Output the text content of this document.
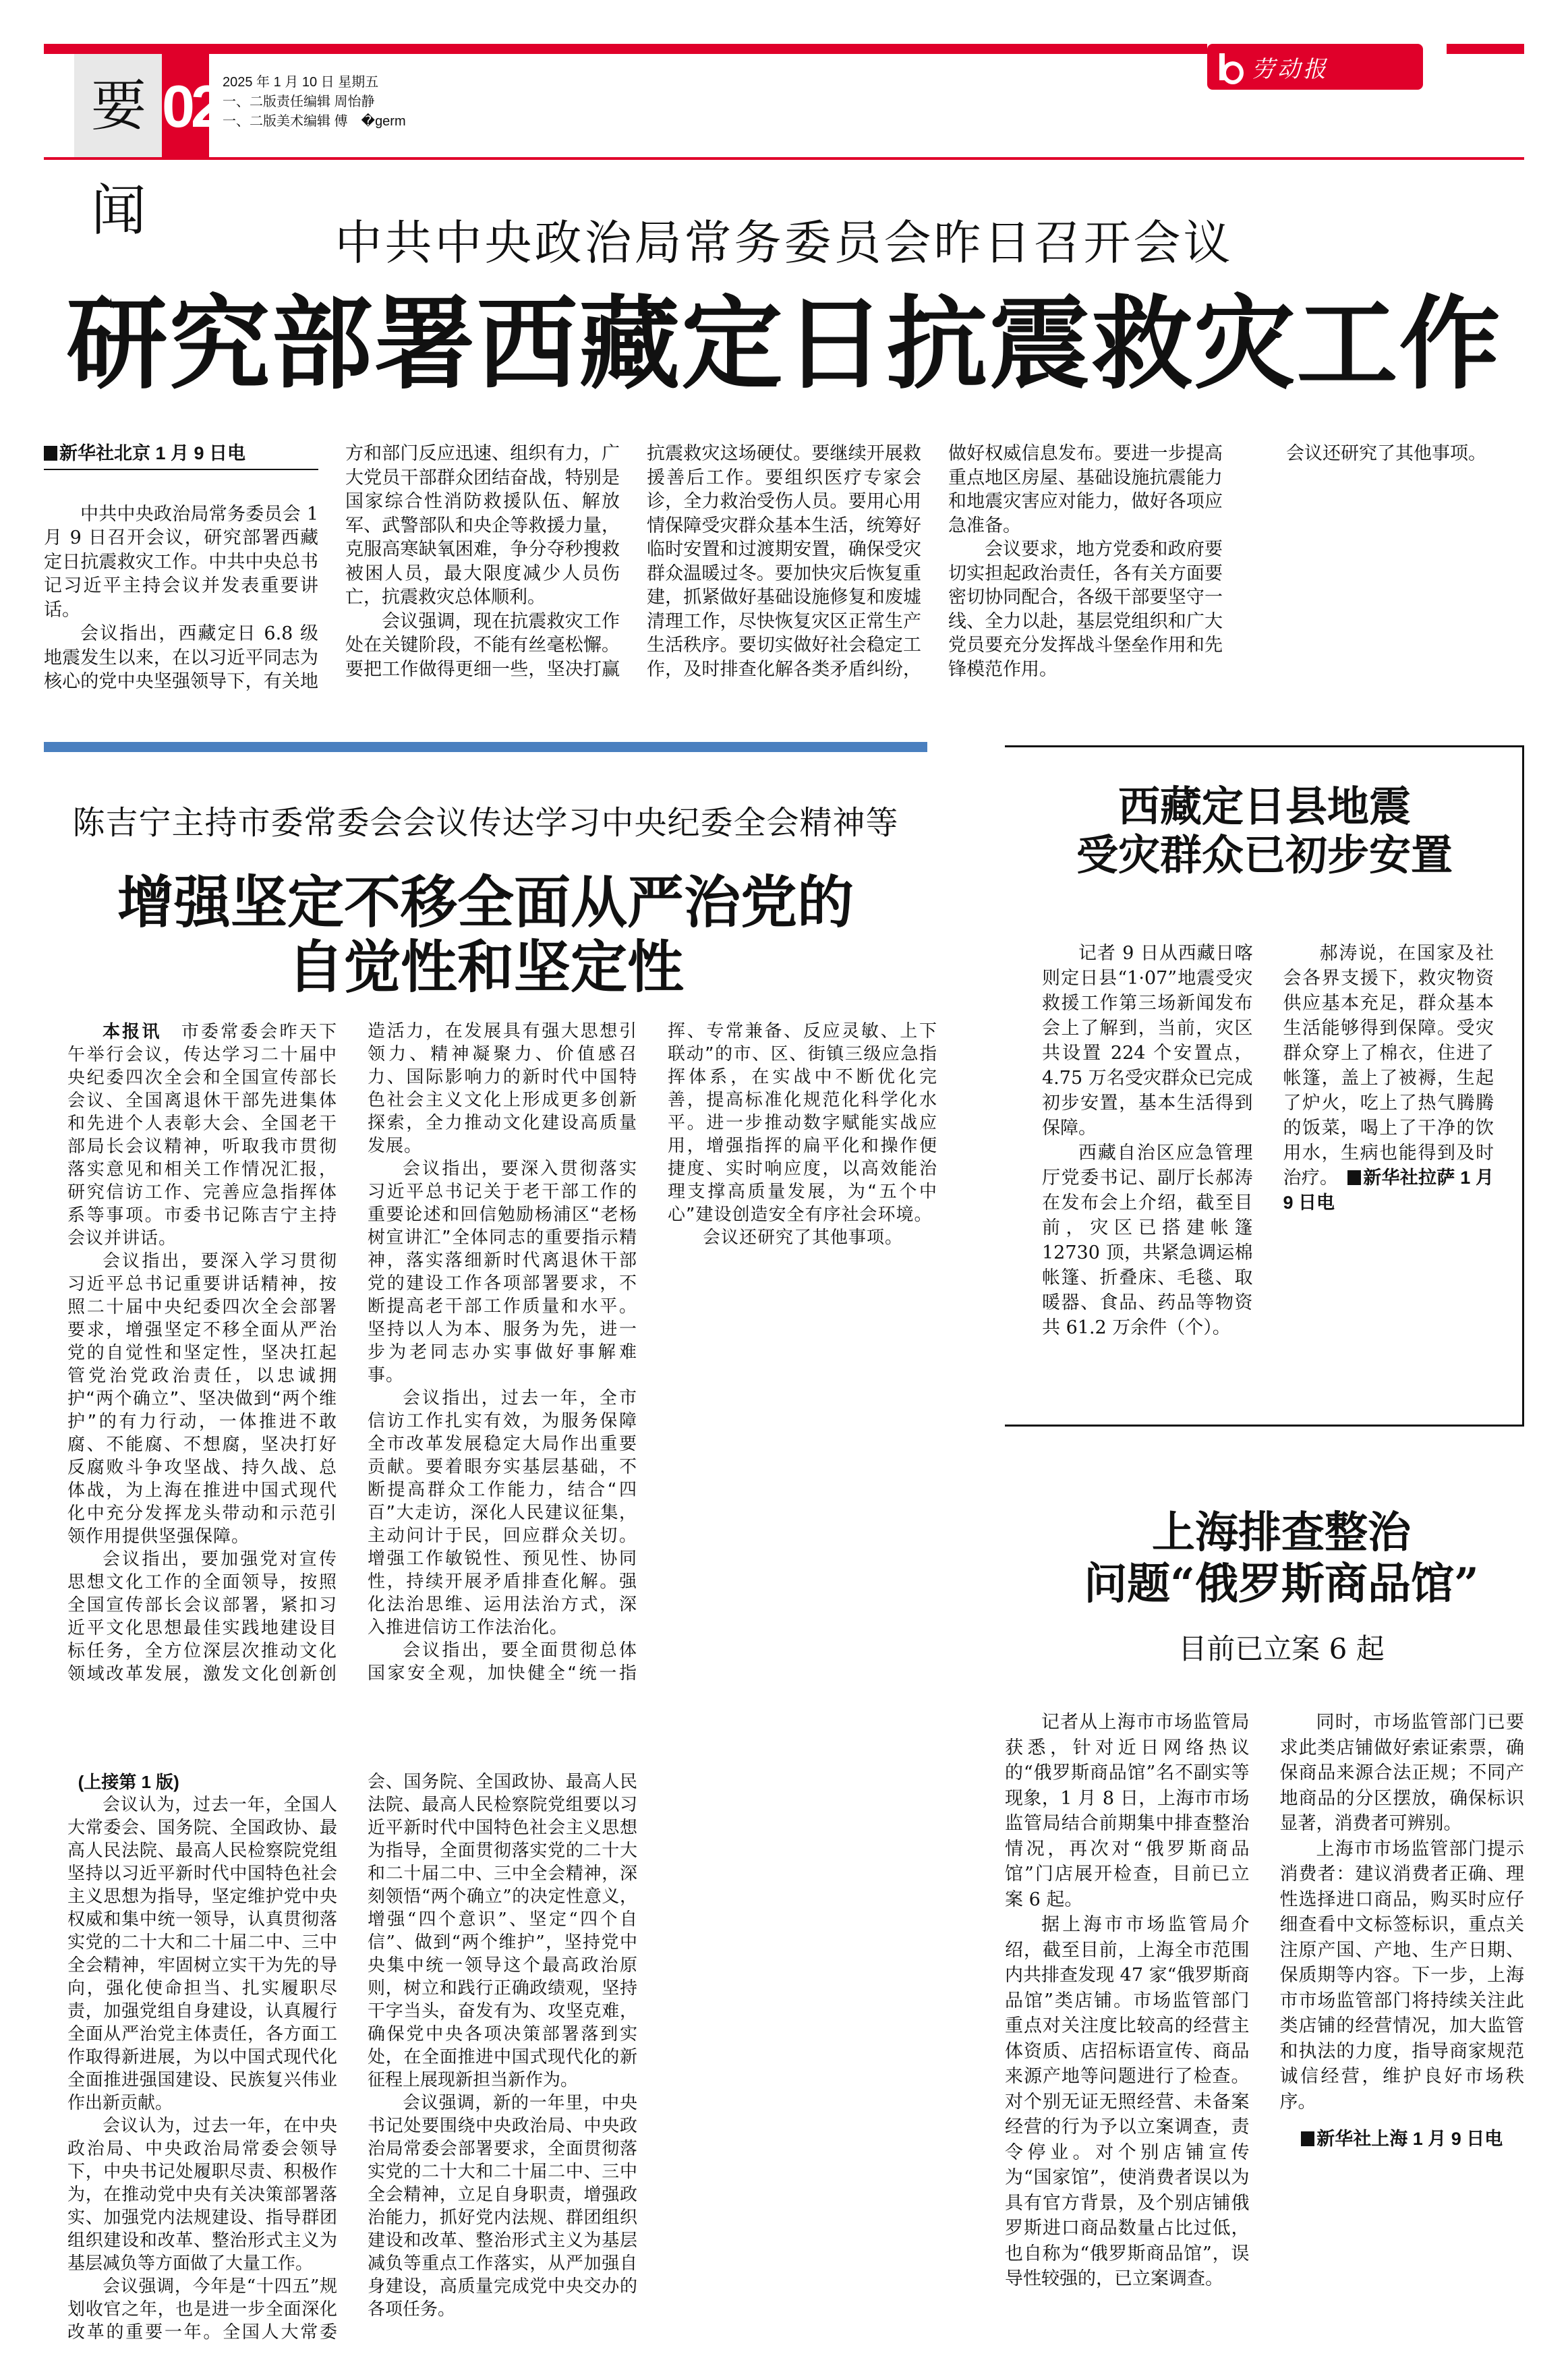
要闻
02 2025 年 1 月 10 日 星期五
一、二版责任编辑 周怡静
一、二版美术编辑 傅　�germ
劳动报
中共中央政治局常务委员会昨日召开会议
研究部署西藏定日抗震救灾工作
新华社北京 1 月 9 日电

中共中央政治局常务委员会 1 月 9 日召开会议，研究部署西藏定日抗震救灾工作。中共中央总书记习近平主持会议并发表重要讲话。

会议指出，西藏定日 6.8 级地震发生以来，在以习近平同志为核心的党中央坚强领导下，有关地方和部门反应迅速、组织有力，广大党员干部群众团结奋战，特别是国家综合性消防救援队伍、解放军、武警部队和央企等救援力量，克服高寒缺氧困难，争分夺秒搜救被困人员，最大限度减少人员伤亡，抗震救灾总体顺利。

会议强调，现在抗震救灾工作处在关键阶段，不能有丝毫松懈。要把工作做得更细一些，坚决打赢抗震救灾这场硬仗。要继续开展救援善后工作。要组织医疗专家会诊，全力救治受伤人员。要用心用情保障受灾群众基本生活，统筹好临时安置和过渡期安置，确保受灾群众温暖过冬。要加快灾后恢复重建，抓紧做好基础设施修复和废墟清理工作，尽快恢复灾区正常生产生活秩序。要切实做好社会稳定工作，及时排查化解各类矛盾纠纷，做好权威信息发布。要进一步提高重点地区房屋、基础设施抗震能力和地震灾害应对能力，做好各项应急准备。

会议要求，地方党委和政府要切实担起政治责任，各有关方面要密切协同配合，各级干部要坚守一线、全力以赴，基层党组织和广大党员要充分发挥战斗堡垒作用和先锋模范作用。

会议还研究了其他事项。

陈吉宁主持市委常委会会议传达学习中央纪委全会精神等
增强坚定不移全面从严治党的
自觉性和坚定性

本报讯　市委常委会昨天下午举行会议，传达学习二十届中央纪委四次全会和全国宣传部长会议、全国离退休干部先进集体和先进个人表彰大会、全国老干部局长会议精神，听取我市贯彻落实意见和相关工作情况汇报，研究信访工作、完善应急指挥体系等事项。市委书记陈吉宁主持会议并讲话。

会议指出，要深入学习贯彻习近平总书记重要讲话精神，按照二十届中央纪委四次全会部署要求，增强坚定不移全面从严治党的自觉性和坚定性，坚决扛起管党治党政治责任，以忠诚拥护“两个确立”、坚决做到“两个维护”的有力行动，一体推进不敢腐、不能腐、不想腐，坚决打好反腐败斗争攻坚战、持久战、总体战，为上海在推进中国式现代化中充分发挥龙头带动和示范引领作用提供坚强保障。

会议指出，要加强党对宣传思想文化工作的全面领导，按照全国宣传部长会议部署，紧扣习近平文化思想最佳实践地建设目标任务，全方位深层次推动文化领域改革发展，激发文化创新创造活力，在发展具有强大思想引领力、精神凝聚力、价值感召力、国际影响力的新时代中国特色社会主义文化上形成更多创新探索，全力推动文化建设高质量发展。

会议指出，要深入贯彻落实习近平总书记关于老干部工作的重要论述和回信勉励杨浦区“老杨树宣讲汇”全体同志的重要指示精神，落实落细新时代离退休干部党的建设工作各项部署要求，不断提高老干部工作质量和水平。坚持以人为本、服务为先，进一步为老同志办实事做好事解难事。

会议指出，过去一年，全市信访工作扎实有效，为服务保障全市改革发展稳定大局作出重要贡献。要着眼夯实基层基础，不断提高群众工作能力，结合“四百”大走访，深化人民建议征集，主动问计于民，回应群众关切。增强工作敏锐性、预见性、协同性，持续开展矛盾排查化解。强化法治思维、运用法治方式，深入推进信访工作法治化。

会议指出，要全面贯彻总体国家安全观，加快健全“统一指挥、专常兼备、反应灵敏、上下联动”的市、区、街镇三级应急指挥体系，在实战中不断优化完善，提高标准化规范化科学化水平。进一步推动数字赋能实战应用，增强指挥的扁平化和操作便捷度、实时响应度，以高效能治理支撑高质量发展，为“五个中心”建设创造安全有序社会环境。

会议还研究了其他事项。

西藏定日县地震
受灾群众已初步安置

记者 9 日从西藏日喀则定日县“1·07”地震受灾救援工作第三场新闻发布会上了解到，当前，灾区共设置 224 个安置点，4.75 万名受灾群众已完成初步安置，基本生活得到保障。

西藏自治区应急管理厅党委书记、副厅长郝涛在发布会上介绍，截至目前，灾区已搭建帐篷 12730 顶，共紧急调运棉帐篷、折叠床、毛毯、取暖器、食品、药品等物资共 61.2 万余件（个）。

郝涛说，在国家及社会各界支援下，救灾物资供应基本充足，群众基本生活能够得到保障。受灾群众穿上了棉衣，住进了帐篷，盖上了被褥，生起了炉火，吃上了热气腾腾的饭菜，喝上了干净的饮用水，生病也能得到及时治疗。　 新华社拉萨 1 月 9 日电

上海排查整治
问题“俄罗斯商品馆”
目前已立案 6 起

记者从上海市市场监管局获悉，针对近日网络热议的“俄罗斯商品馆”名不副实等现象，1 月 8 日，上海市市场监管局结合前期集中排查整治情况，再次对“俄罗斯商品馆”门店展开检查，目前已立案 6 起。

据上海市市场监管局介绍，截至目前，上海全市范围内共排查发现 47 家“俄罗斯商品馆”类店铺。市场监管部门重点对关注度比较高的经营主体资质、店招标语宣传、商品来源产地等问题进行了检查。对个别无证无照经营、未备案经营的行为予以立案调查，责令停业。对个别店铺宣传为“国家馆”，使消费者误以为具有官方背景，及个别店铺俄罗斯进口商品数量占比过低，也自称为“俄罗斯商品馆”，误导性较强的，已立案调查。

同时，市场监管部门已要求此类店铺做好索证索票，确保商品来源合法正规；不同产地商品的分区摆放，确保标识显著，消费者可辨别。

上海市市场监管部门提示消费者：建议消费者正确、理性选择进口商品，购买时应仔细查看中文标签标识，重点关注原产国、产地、生产日期、保质期等内容。下一步，上海市市场监管部门将持续关注此类店铺的经营情况，加大监管和执法的力度，指导商家规范诚信经营，维护良好市场秩序。

新华社上海 1 月 9 日电
(上接第 1 版)

会议认为，过去一年，全国人大常委会、国务院、全国政协、最高人民法院、最高人民检察院党组坚持以习近平新时代中国特色社会主义思想为指导，坚定维护党中央权威和集中统一领导，认真贯彻落实党的二十大和二十届二中、三中全会精神，牢固树立实干为先的导向，强化使命担当、扎实履职尽责，加强党组自身建设，认真履行全面从严治党主体责任，各方面工作取得新进展，为以中国式现代化全面推进强国建设、民族复兴伟业作出新贡献。

会议认为，过去一年，在中央政治局、中央政治局常委会领导下，中央书记处履职尽责、积极作为，在推动党中央有关决策部署落实、加强党内法规建设、指导群团组织建设和改革、整治形式主义为基层减负等方面做了大量工作。

会议强调，今年是“十四五”规划收官之年，也是进一步全面深化改革的重要一年。全国人大常委会、国务院、全国政协、最高人民法院、最高人民检察院党组要以习近平新时代中国特色社会主义思想为指导，全面贯彻落实党的二十大和二十届二中、三中全会精神，深刻领悟“两个确立”的决定性意义，增强“四个意识”、坚定“四个自信”、做到“两个维护”，坚持党中央集中统一领导这个最高政治原则，树立和践行正确政绩观，坚持干字当头，奋发有为、攻坚克难，确保党中央各项决策部署落到实处，在全面推进中国式现代化的新征程上展现新担当新作为。

会议强调，新的一年里，中央书记处要围绕中央政治局、中央政治局常委会部署要求，全面贯彻落实党的二十大和二十届二中、三中全会精神，立足自身职责，增强政治能力，抓好党内法规、群团组织建设和改革、整治形式主义为基层减负等重点工作落实，从严加强自身建设，高质量完成党中央交办的各项任务。
